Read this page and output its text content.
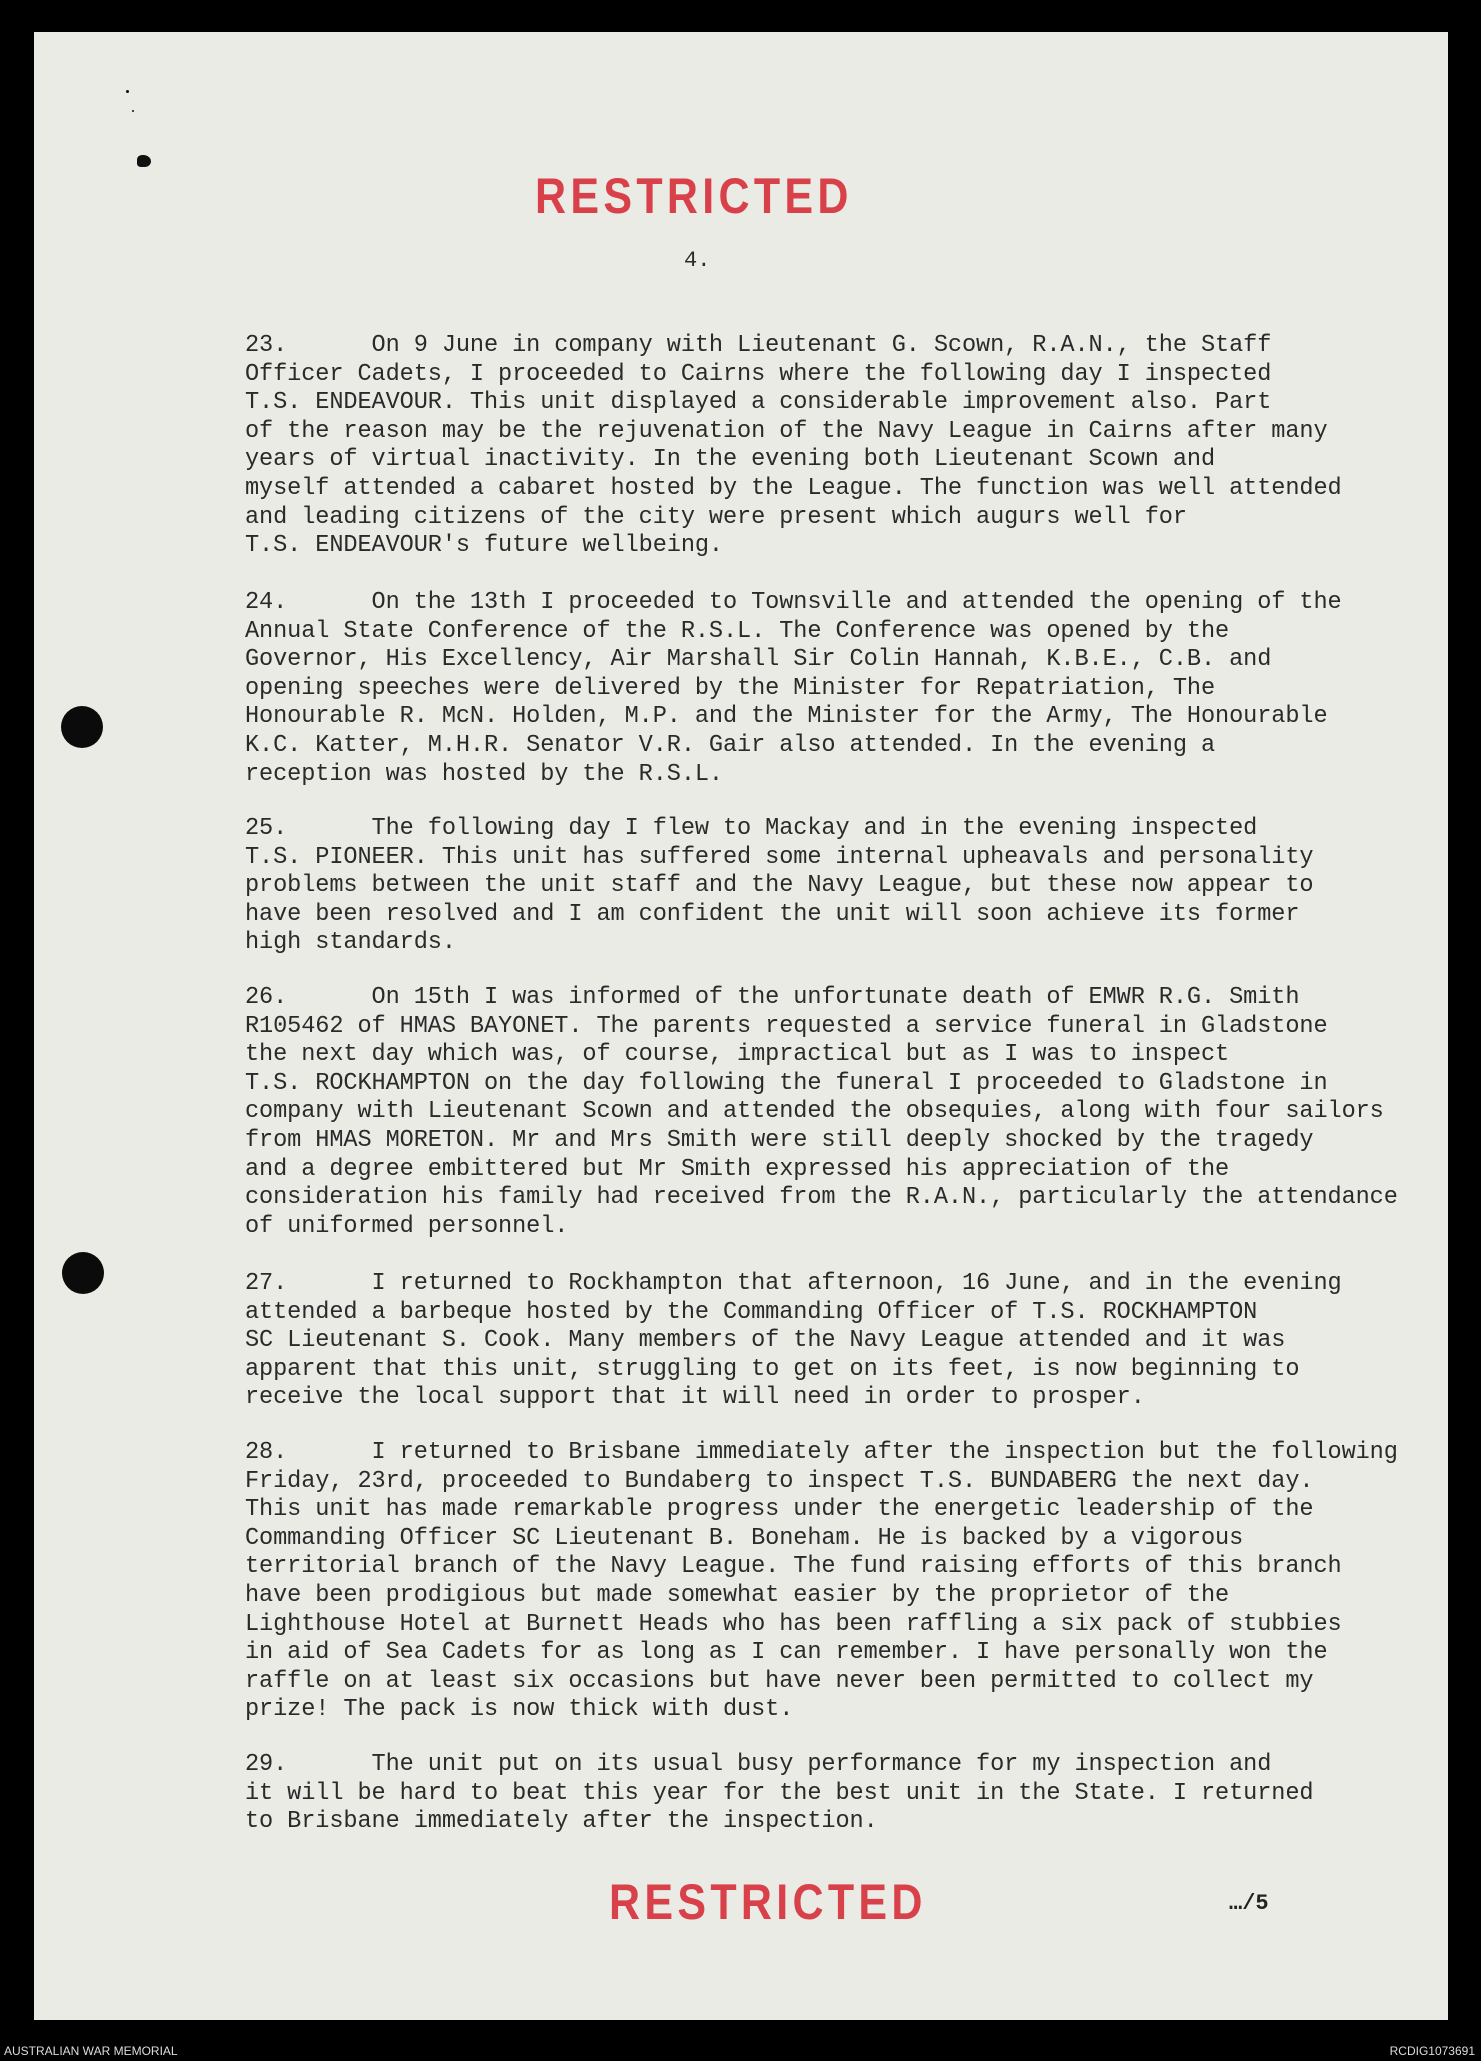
RESTRICTED
4.

23.      On 9 June in company with Lieutenant G. Scown, R.A.N., the Staff
Officer Cadets, I proceeded to Cairns where the following day I inspected
T.S. ENDEAVOUR. This unit displayed a considerable improvement also. Part
of the reason may be the rejuvenation of the Navy League in Cairns after many
years of virtual inactivity. In the evening both Lieutenant Scown and
myself attended a cabaret hosted by the League. The function was well attended
and leading citizens of the city were present which augurs well for
T.S. ENDEAVOUR's future wellbeing.

24.      On the 13th I proceeded to Townsville and attended the opening of the
Annual State Conference of the R.S.L. The Conference was opened by the
Governor, His Excellency, Air Marshall Sir Colin Hannah, K.B.E., C.B. and
opening speeches were delivered by the Minister for Repatriation, The
Honourable R. McN. Holden, M.P. and the Minister for the Army, The Honourable
K.C. Katter, M.H.R. Senator V.R. Gair also attended. In the evening a
reception was hosted by the R.S.L.

25.      The following day I flew to Mackay and in the evening inspected
T.S. PIONEER. This unit has suffered some internal upheavals and personality
problems between the unit staff and the Navy League, but these now appear to
have been resolved and I am confident the unit will soon achieve its former
high standards.

26.      On 15th I was informed of the unfortunate death of EMWR R.G. Smith
R105462 of HMAS BAYONET. The parents requested a service funeral in Gladstone
the next day which was, of course, impractical but as I was to inspect
T.S. ROCKHAMPTON on the day following the funeral I proceeded to Gladstone in
company with Lieutenant Scown and attended the obsequies, along with four sailors
from HMAS MORETON. Mr and Mrs Smith were still deeply shocked by the tragedy
and a degree embittered but Mr Smith expressed his appreciation of the
consideration his family had received from the R.A.N., particularly the attendance
of uniformed personnel.

27.      I returned to Rockhampton that afternoon, 16 June, and in the evening
attended a barbeque hosted by the Commanding Officer of T.S. ROCKHAMPTON
SC Lieutenant S. Cook. Many members of the Navy League attended and it was
apparent that this unit, struggling to get on its feet, is now beginning to
receive the local support that it will need in order to prosper.

28.      I returned to Brisbane immediately after the inspection but the following
Friday, 23rd, proceeded to Bundaberg to inspect T.S. BUNDABERG the next day.
This unit has made remarkable progress under the energetic leadership of the
Commanding Officer SC Lieutenant B. Boneham. He is backed by a vigorous
territorial branch of the Navy League. The fund raising efforts of this branch
have been prodigious but made somewhat easier by the proprietor of the
Lighthouse Hotel at Burnett Heads who has been raffling a six pack of stubbies
in aid of Sea Cadets for as long as I can remember. I have personally won the
raffle on at least six occasions but have never been permitted to collect my
prize! The pack is now thick with dust.

29.      The unit put on its usual busy performance for my inspection and
it will be hard to beat this year for the best unit in the State. I returned
to Brisbane immediately after the inspection.

RESTRICTED	…/5
AUSTRALIAN WAR MEMORIAL	RCDIG1073691
